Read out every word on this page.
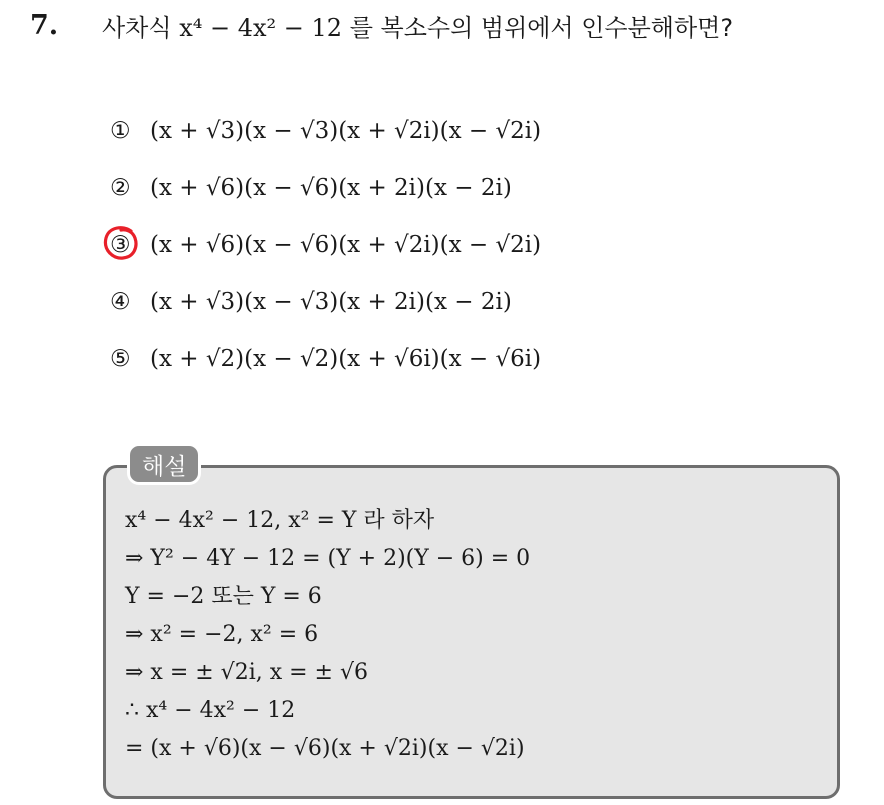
7. 사차식 x⁴ − 4x² − 12 를 복소수의 범위에서 인수분해하면?
① (x + √3)(x − √3)(x + √2i)(x − √2i)
② (x + √6)(x − √6)(x + 2i)(x − 2i)
③ (x + √6)(x − √6)(x + √2i)(x − √2i)
④ (x + √3)(x − √3)(x + 2i)(x − 2i)
⑤ (x + √2)(x − √2)(x + √6i)(x − √6i)
해설
x⁴ − 4x² − 12, x² = Y 라 하자
⇒ Y² − 4Y − 12 = (Y + 2)(Y − 6) = 0
Y = −2 또는 Y = 6
⇒ x² = −2, x² = 6
⇒ x = ± √2i, x = ± √6
∴ x⁴ − 4x² − 12
= (x + √6)(x − √6)(x + √2i)(x − √2i)
